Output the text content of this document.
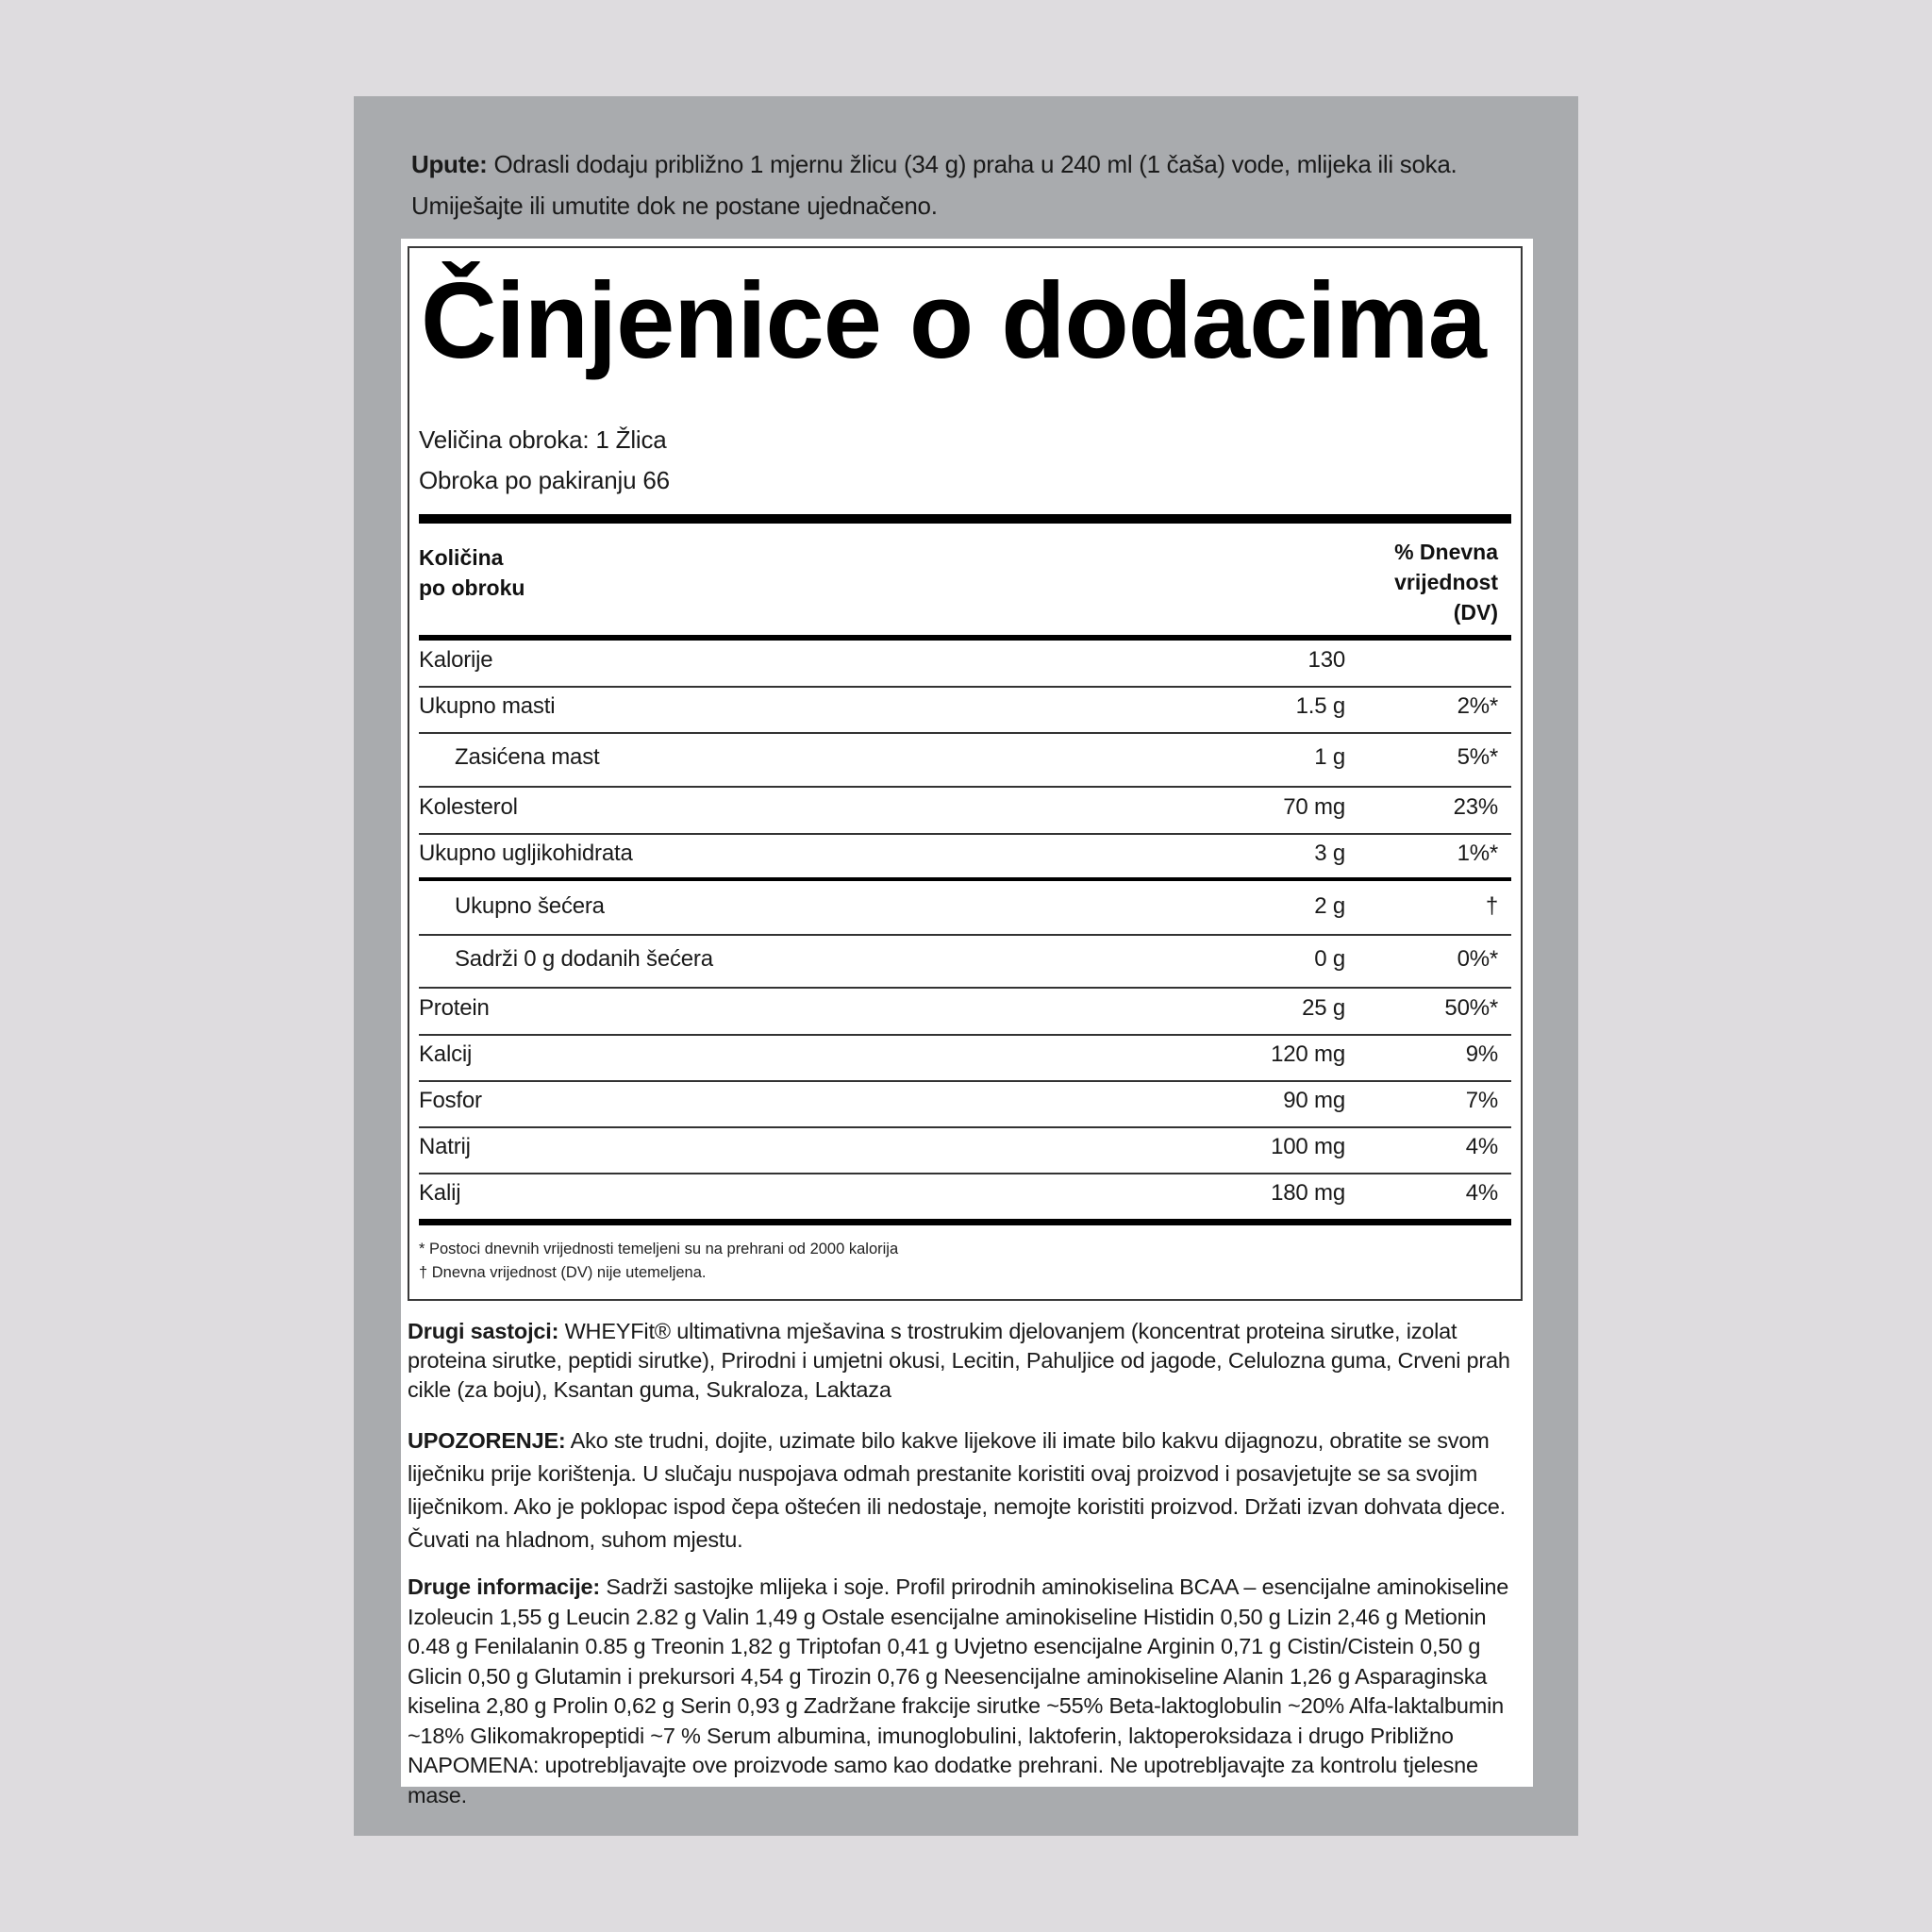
Upute: Odrasli dodaju približno 1 mjernu žlicu (34 g) praha u 240 ml (1 čaša) vode, mlijeka ili soka.
Umiješajte ili umutite dok ne postane ujednačeno.
Činjenice o dodacima
Veličina obroka: 1 Žlica
Obroka po pakiranju 66
Količina
po obroku
% Dnevna
vrijednost
(DV)
Kalorije	130
Ukupno masti	1.5 g	2%*
Zasićena mast	1 g	5%*
Kolesterol	70 mg	23%
Ukupno ugljikohidrata	3 g	1%*
Ukupno šećera	2 g	†
Sadrži 0 g dodanih šećera	0 g	0%*
Protein	25 g	50%*
Kalcij	120 mg	9%
Fosfor	90 mg	7%
Natrij	100 mg	4%
Kalij	180 mg	4%
* Postoci dnevnih vrijednosti temeljeni su na prehrani od 2000 kalorija
† Dnevna vrijednost (DV) nije utemeljena.
Drugi sastojci: WHEYFit® ultimativna mješavina s trostrukim djelovanjem (koncentrat proteina sirutke, izolat proteina sirutke, peptidi sirutke), Prirodni i umjetni okusi, Lecitin, Pahuljice od jagode, Celulozna guma, Crveni prah cikle (za boju), Ksantan guma, Sukraloza, Laktaza
UPOZORENJE: Ako ste trudni, dojite, uzimate bilo kakve lijekove ili imate bilo kakvu dijagnozu, obratite se svom liječniku prije korištenja. U slučaju nuspojava odmah prestanite koristiti ovaj proizvod i posavjetujte se sa svojim liječnikom. Ako je poklopac ispod čepa oštećen ili nedostaje, nemojte koristiti proizvod. Držati izvan dohvata djece. Čuvati na hladnom, suhom mjestu.
Druge informacije: Sadrži sastojke mlijeka i soje. Profil prirodnih aminokiselina BCAA – esencijalne aminokiseline Izoleucin 1,55 g Leucin 2.82 g Valin 1,49 g Ostale esencijalne aminokiseline Histidin 0,50 g Lizin 2,46 g Metionin 0.48 g Fenilalanin 0.85 g Treonin 1,82 g Triptofan 0,41 g Uvjetno esencijalne Arginin 0,71 g Cistin/Cistein 0,50 g Glicin 0,50 g Glutamin i prekursori 4,54 g Tirozin 0,76 g Neesencijalne aminokiseline Alanin 1,26 g Asparaginska kiselina 2,80 g Prolin 0,62 g Serin 0,93 g Zadržane frakcije sirutke ~55% Beta-laktoglobulin ~20% Alfa-laktalbumin ~18% Glikomakropeptidi ~7 % Serum albumina, imunoglobulini, laktoferin, laktoperoksidaza i drugo Približno NAPOMENA: upotrebljavajte ove proizvode samo kao dodatke prehrani. Ne upotrebljavajte za kontrolu tjelesne mase.
